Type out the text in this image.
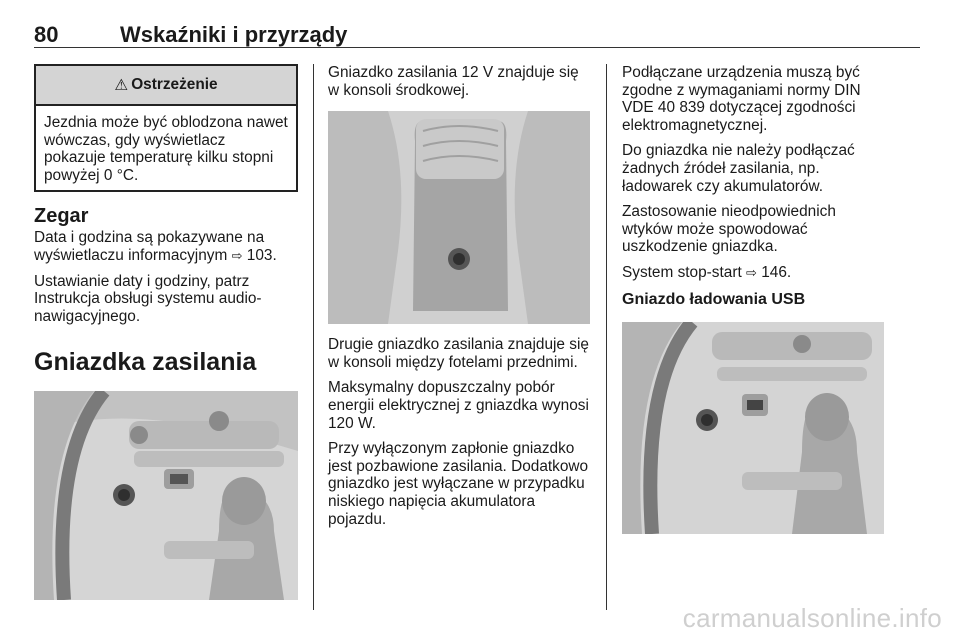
80	Wskaźniki i przyrządy
⚠ Ostrzeżenie
Jezdnia może być oblodzona nawet wówczas, gdy wyświetlacz pokazuje temperaturę kilku stopni powyżej 0 °C.
Zegar

Data i godzina są pokazywane na wyświetlaczu informacyjnym ⇨ 103.

Ustawianie daty i godziny, patrz Instrukcja obsługi systemu audio-nawigacyjnego.

Gniazdka zasilania

Gniazdko zasilania 12 V znajduje się w konsoli środkowej.

Drugie gniazdko zasilania znajduje się w konsoli między fotelami przednimi.

Maksymalny dopuszczalny pobór energii elektrycznej z gniazdka wynosi 120 W.

Przy wyłączonym zapłonie gniazdko jest pozbawione zasilania. Dodatkowo gniazdko jest wyłączane w przypadku niskiego napięcia akumulatora pojazdu.

Podłączane urządzenia muszą być zgodne z wymaganiami normy DIN VDE 40 839 dotyczącej zgodności elektromagnetycznej.

Do gniazdka nie należy podłączać żadnych źródeł zasilania, np. ładowarek czy akumulatorów.

Zastosowanie nieodpowiednich wtyków może spowodować uszkodzenie gniazdka.

System stop-start ⇨ 146.

Gniazdo ładowania USB
carmanualsonline.info
